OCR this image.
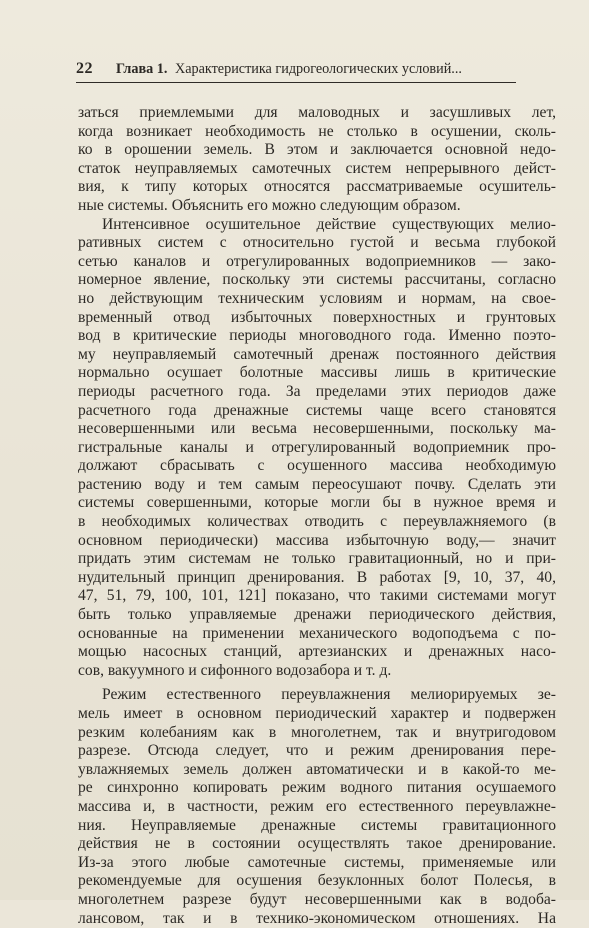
22	Глава 1. Характеристика гидрогеологических условий...
заться приемлемыми для маловодных и засушливых лет,
когда возникает необходимость не столько в осушении, сколь-
ко в орошении земель. В этом и заключается основной недо-
статок неуправляемых самотечных систем непрерывного дейст-
вия, к типу которых относятся рассматриваемые осушитель-
ные системы. Объяснить его можно следующим образом.
Интенсивное осушительное действие существующих мелио-
ративных систем с относительно густой и весьма глубокой
сетью каналов и отрегулированных водоприемников — зако-
номерное явление, поскольку эти системы рассчитаны, согласно
но действующим техническим условиям и нормам, на свое-
временный отвод избыточных поверхностных и грунтовых
вод в критические периоды многоводного года. Именно поэто-
му неуправляемый самотечный дренаж постоянного действия
нормально осушает болотные массивы лишь в критические
периоды расчетного года. За пределами этих периодов даже
расчетного года дренажные системы чаще всего становятся
несовершенными или весьма несовершенными, поскольку ма-
гистральные каналы и отрегулированный водоприемник про-
должают сбрасывать с осушенного массива необходимую
растению воду и тем самым переосушают почву. Сделать эти
системы совершенными, которые могли бы в нужное время и
в необходимых количествах отводить с переувлажняемого (в
основном периодически) массива избыточную воду,— значит
придать этим системам не только гравитационный, но и при-
нудительный принцип дренирования. В работах [9, 10, 37, 40,
47, 51, 79, 100, 101, 121] показано, что такими системами могут
быть только управляемые дренажи периодического действия,
основанные на применении механического водоподъема с по-
мощью насосных станций, артезианских и дренажных насо-
сов, вакуумного и сифонного водозабора и т. д.
Режим естественного переувлажнения мелиорируемых зе-
мель имеет в основном периодический характер и подвержен
резким колебаниям как в многолетнем, так и внутригодовом
разрезе. Отсюда следует, что и режим дренирования пере-
увлажняемых земель должен автоматически и в какой-то ме-
ре синхронно копировать режим водного питания осушаемого
массива и, в частности, режим его естественного переувлажне-
ния. Неуправляемые дренажные системы гравитационного
действия не в состоянии осуществлять такое дренирование.
Из-за этого любые самотечные системы, применяемые или
рекомендуемые для осушения безуклонных болот Полесья, в
многолетнем разрезе будут несовершенными как в водоба-
лансовом, так и в технико-экономическом отношениях. На
